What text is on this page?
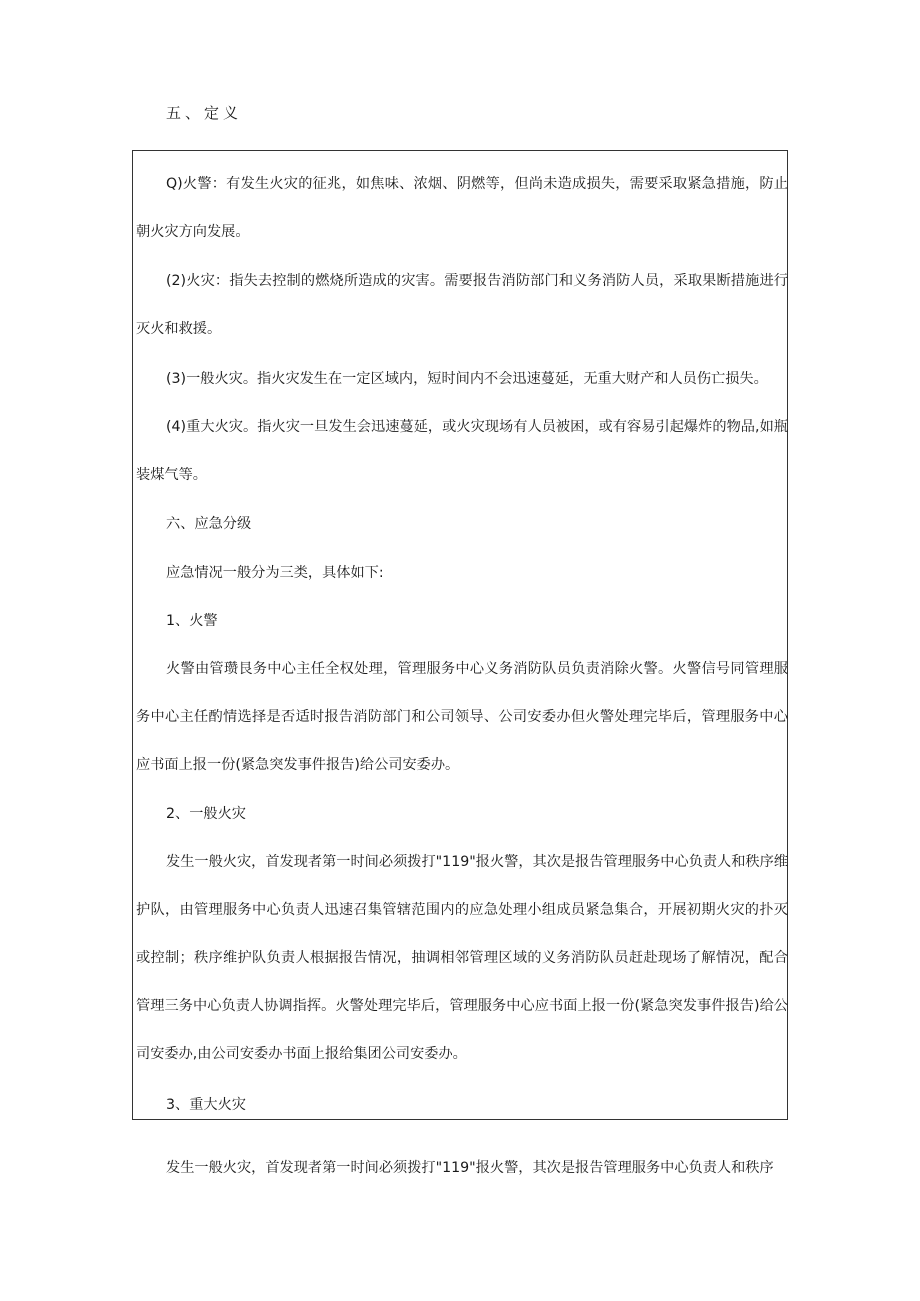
五、定义

Q)火警：有发生火灾的征兆，如焦味、浓烟、阴燃等，但尚未造成损失，需要采取紧急措施，防止朝火灾方向发展。

(2)火灾：指失去控制的燃烧所造成的灾害。需要报告消防部门和义务消防人员，采取果断措施进行灭火和救援。

(3)一般火灾。指火灾发生在一定区域内，短时间内不会迅速蔓延，无重大财产和人员伤亡损失。

(4)重大火灾。指火灾一旦发生会迅速蔓延，或火灾现场有人员被困，或有容易引起爆炸的物品,如瓶装煤气等。

六、应急分级
应急情况一般分为三类，具体如下:
1、火警

火警由管瓒艮务中心主任全权处理，管理服务中心义务消防队员负责消除火警。火警信号同管理服务中心主任酌情选择是否适时报告消防部门和公司领导、公司安委办但火警处理完毕后，管理服务中心应书面上报一份(紧急突发事件报告)给公司安委办。

2、一般火灾

发生一般火灾，首发现者第一时间必须拨打"119"报火警，其次是报告管理服务中心负责人和秩序维护队，由管理服务中心负责人迅速召集管辖范围内的应急处理小组成员紧急集合，开展初期火灾的扑灭或控制；秩序维护队负责人根据报告情况，抽调相邻管理区域的义务消防队员赶赴现场了解情况，配合管理三务中心负责人协调指挥。火警处理完毕后，管理服务中心应书面上报一份(紧急突发事件报告)给公司安委办,由公司安委办书面上报给集团公司安委办。

3、重大火灾

发生一般火灾，首发现者第一时间必须拨打"119"报火警，其次是报告管理服务中心负责人和秩序
